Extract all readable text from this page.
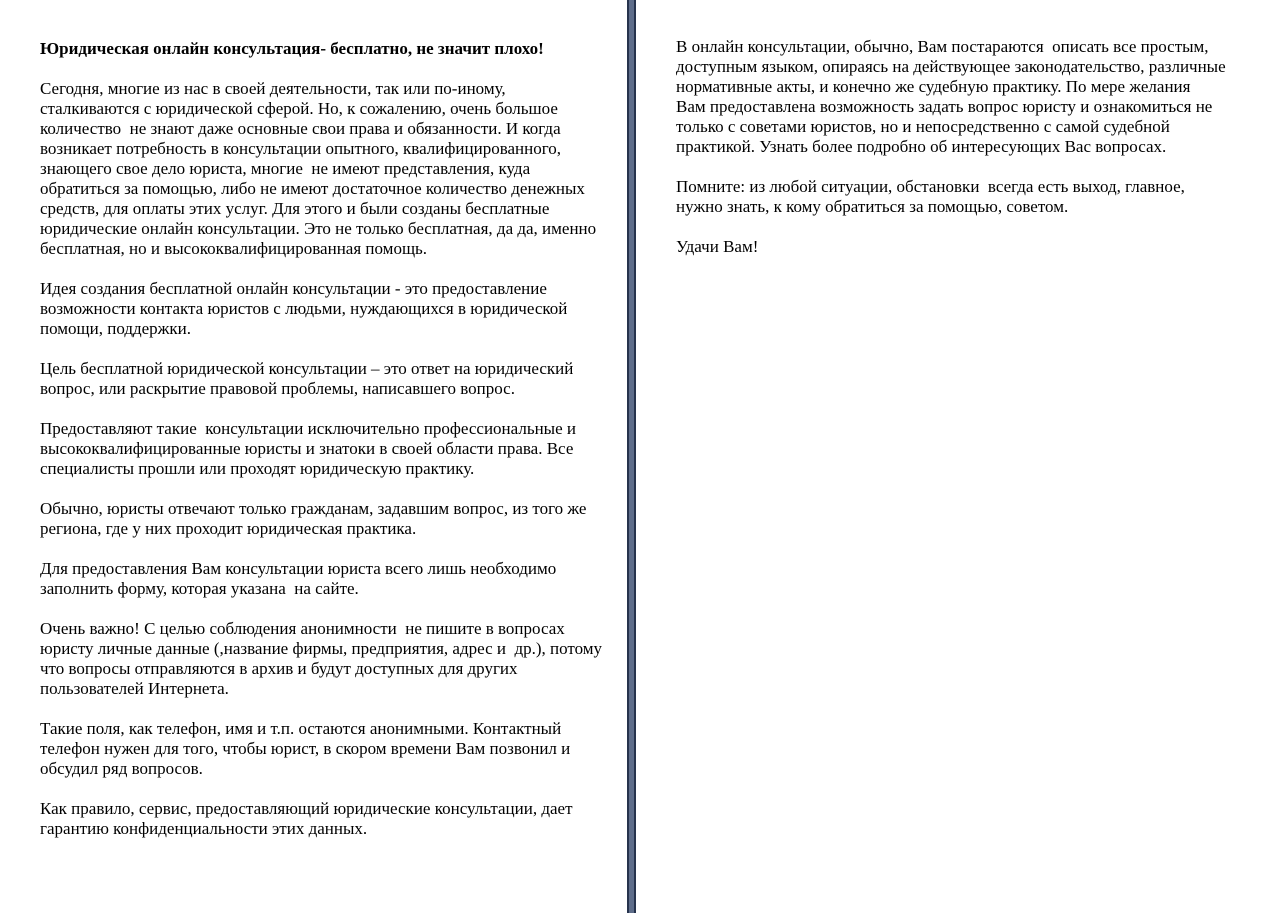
Юридическая онлайн консультация- бесплатно, не значит плохо!

Сегодня, многие из нас в своей деятельности, так или по-иному, сталкиваются с юридической сферой. Но, к сожалению, очень большое количество  не знают даже основные свои права и обязанности. И когда возникает потребность в консультации опытного, квалифицированного, знающего свое дело юриста, многие  не имеют представления, куда обратиться за помощью, либо не имеют достаточное количество денежных средств, для оплаты этих услуг. Для этого и были созданы бесплатные юридические онлайн консультации. Это не только бесплатная, да да, именно бесплатная, но и высококвалифицированная помощь.

Идея создания бесплатной онлайн консультации - это предоставление возможности контакта юристов с людьми, нуждающихся в юридической помощи, поддержки.

Цель бесплатной юридической консультации – это ответ на юридический вопрос, или раскрытие правовой проблемы, написавшего вопрос.

Предоставляют такие  консультации исключительно профессиональные и высококвалифицированные юристы и знатоки в своей области права. Все специалисты прошли или проходят юридическую практику.

Обычно, юристы отвечают только гражданам, задавшим вопрос, из того же региона, где у них проходит юридическая практика.

Для предоставления Вам консультации юриста всего лишь необходимо заполнить форму, которая указана  на сайте.

Очень важно! С целью соблюдения анонимности  не пишите в вопросах юристу личные данные (,название фирмы, предприятия, адрес и  др.), потому что вопросы отправляются в архив и будут доступных для других пользователей Интернета.

Такие поля, как телефон, имя и т.п. остаются анонимными. Контактный телефон нужен для того, чтобы юрист, в скором времени Вам позвонил и обсудил ряд вопросов.

Как правило, сервис, предоставляющий юридические консультации, дает гарантию конфиденциальности этих данных.

В онлайн консультации, обычно, Вам постараются  описать все простым, доступным языком, опираясь на действующее законодательство, различные нормативные акты, и конечно же судебную практику. По мере желания  Вам предоставлена возможность задать вопрос юристу и ознакомиться не только с советами юристов, но и непосредственно с самой судебной практикой. Узнать более подробно об интересующих Вас вопросах.

Помните: из любой ситуации, обстановки  всегда есть выход, главное, нужно знать, к кому обратиться за помощью, советом.

Удачи Вам!
